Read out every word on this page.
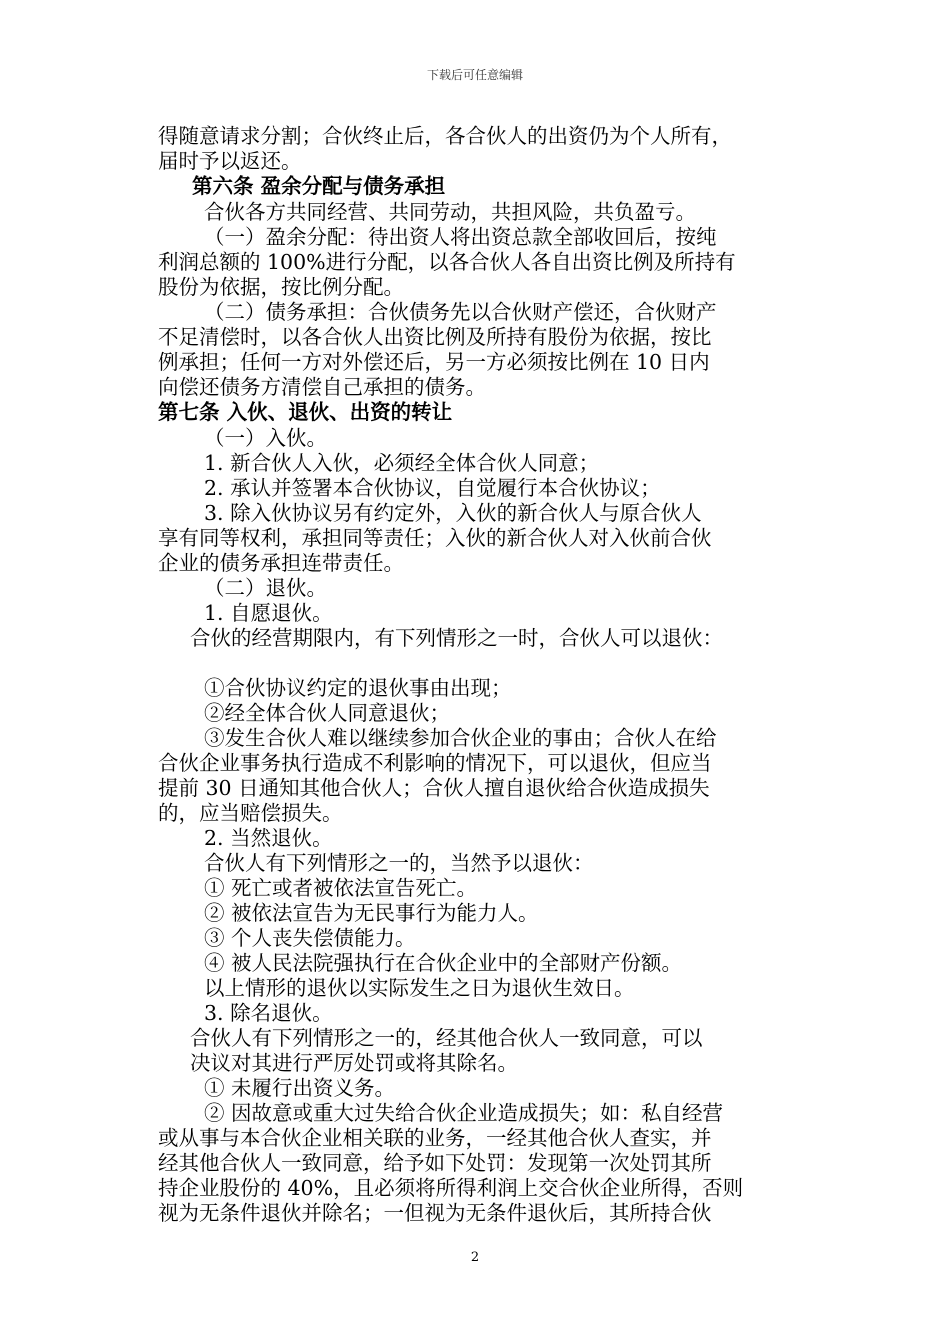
下载后可任意编辑
得随意请求分割；合伙终止后，各合伙人的出资仍为个人所有，
届时予以返还。
第六条 盈余分配与债务承担
合伙各方共同经营、共同劳动，共担风险，共负盈亏。
（一）盈余分配：待出资人将出资总款全部收回后，按纯
利润总额的 100%进行分配，以各合伙人各自出资比例及所持有
股份为依据，按比例分配。
（二）债务承担：合伙债务先以合伙财产偿还，合伙财产
不足清偿时，以各合伙人出资比例及所持有股份为依据，按比
例承担；任何一方对外偿还后，另一方必须按比例在 10 日内
向偿还债务方清偿自己承担的债务。
第七条 入伙、退伙、出资的转让
（一）入伙。
1. 新合伙人入伙，必须经全体合伙人同意；
2. 承认并签署本合伙协议，自觉履行本合伙协议；
3. 除入伙协议另有约定外，入伙的新合伙人与原合伙人
享有同等权利，承担同等责任；入伙的新合伙人对入伙前合伙
企业的债务承担连带责任。
（二）退伙。
1. 自愿退伙。
合伙的经营期限内，有下列情形之一时，合伙人可以退伙：
①合伙协议约定的退伙事由出现；
②经全体合伙人同意退伙；
③发生合伙人难以继续参加合伙企业的事由；合伙人在给
合伙企业事务执行造成不利影响的情况下，可以退伙，但应当
提前 30 日通知其他合伙人；合伙人擅自退伙给合伙造成损失
的，应当赔偿损失。
2. 当然退伙。
合伙人有下列情形之一的，当然予以退伙：
① 死亡或者被依法宣告死亡。
② 被依法宣告为无民事行为能力人。
③ 个人丧失偿债能力。
④ 被人民法院强执行在合伙企业中的全部财产份额。
以上情形的退伙以实际发生之日为退伙生效日。
3. 除名退伙。
合伙人有下列情形之一的，经其他合伙人一致同意，可以
决议对其进行严厉处罚或将其除名。
① 未履行出资义务。
② 因故意或重大过失给合伙企业造成损失；如：私自经营
或从事与本合伙企业相关联的业务，一经其他合伙人查实，并
经其他合伙人一致同意，给予如下处罚：发现第一次处罚其所
持企业股份的 40%，且必须将所得利润上交合伙企业所得，否则
视为无条件退伙并除名；一但视为无条件退伙后，其所持合伙
2
